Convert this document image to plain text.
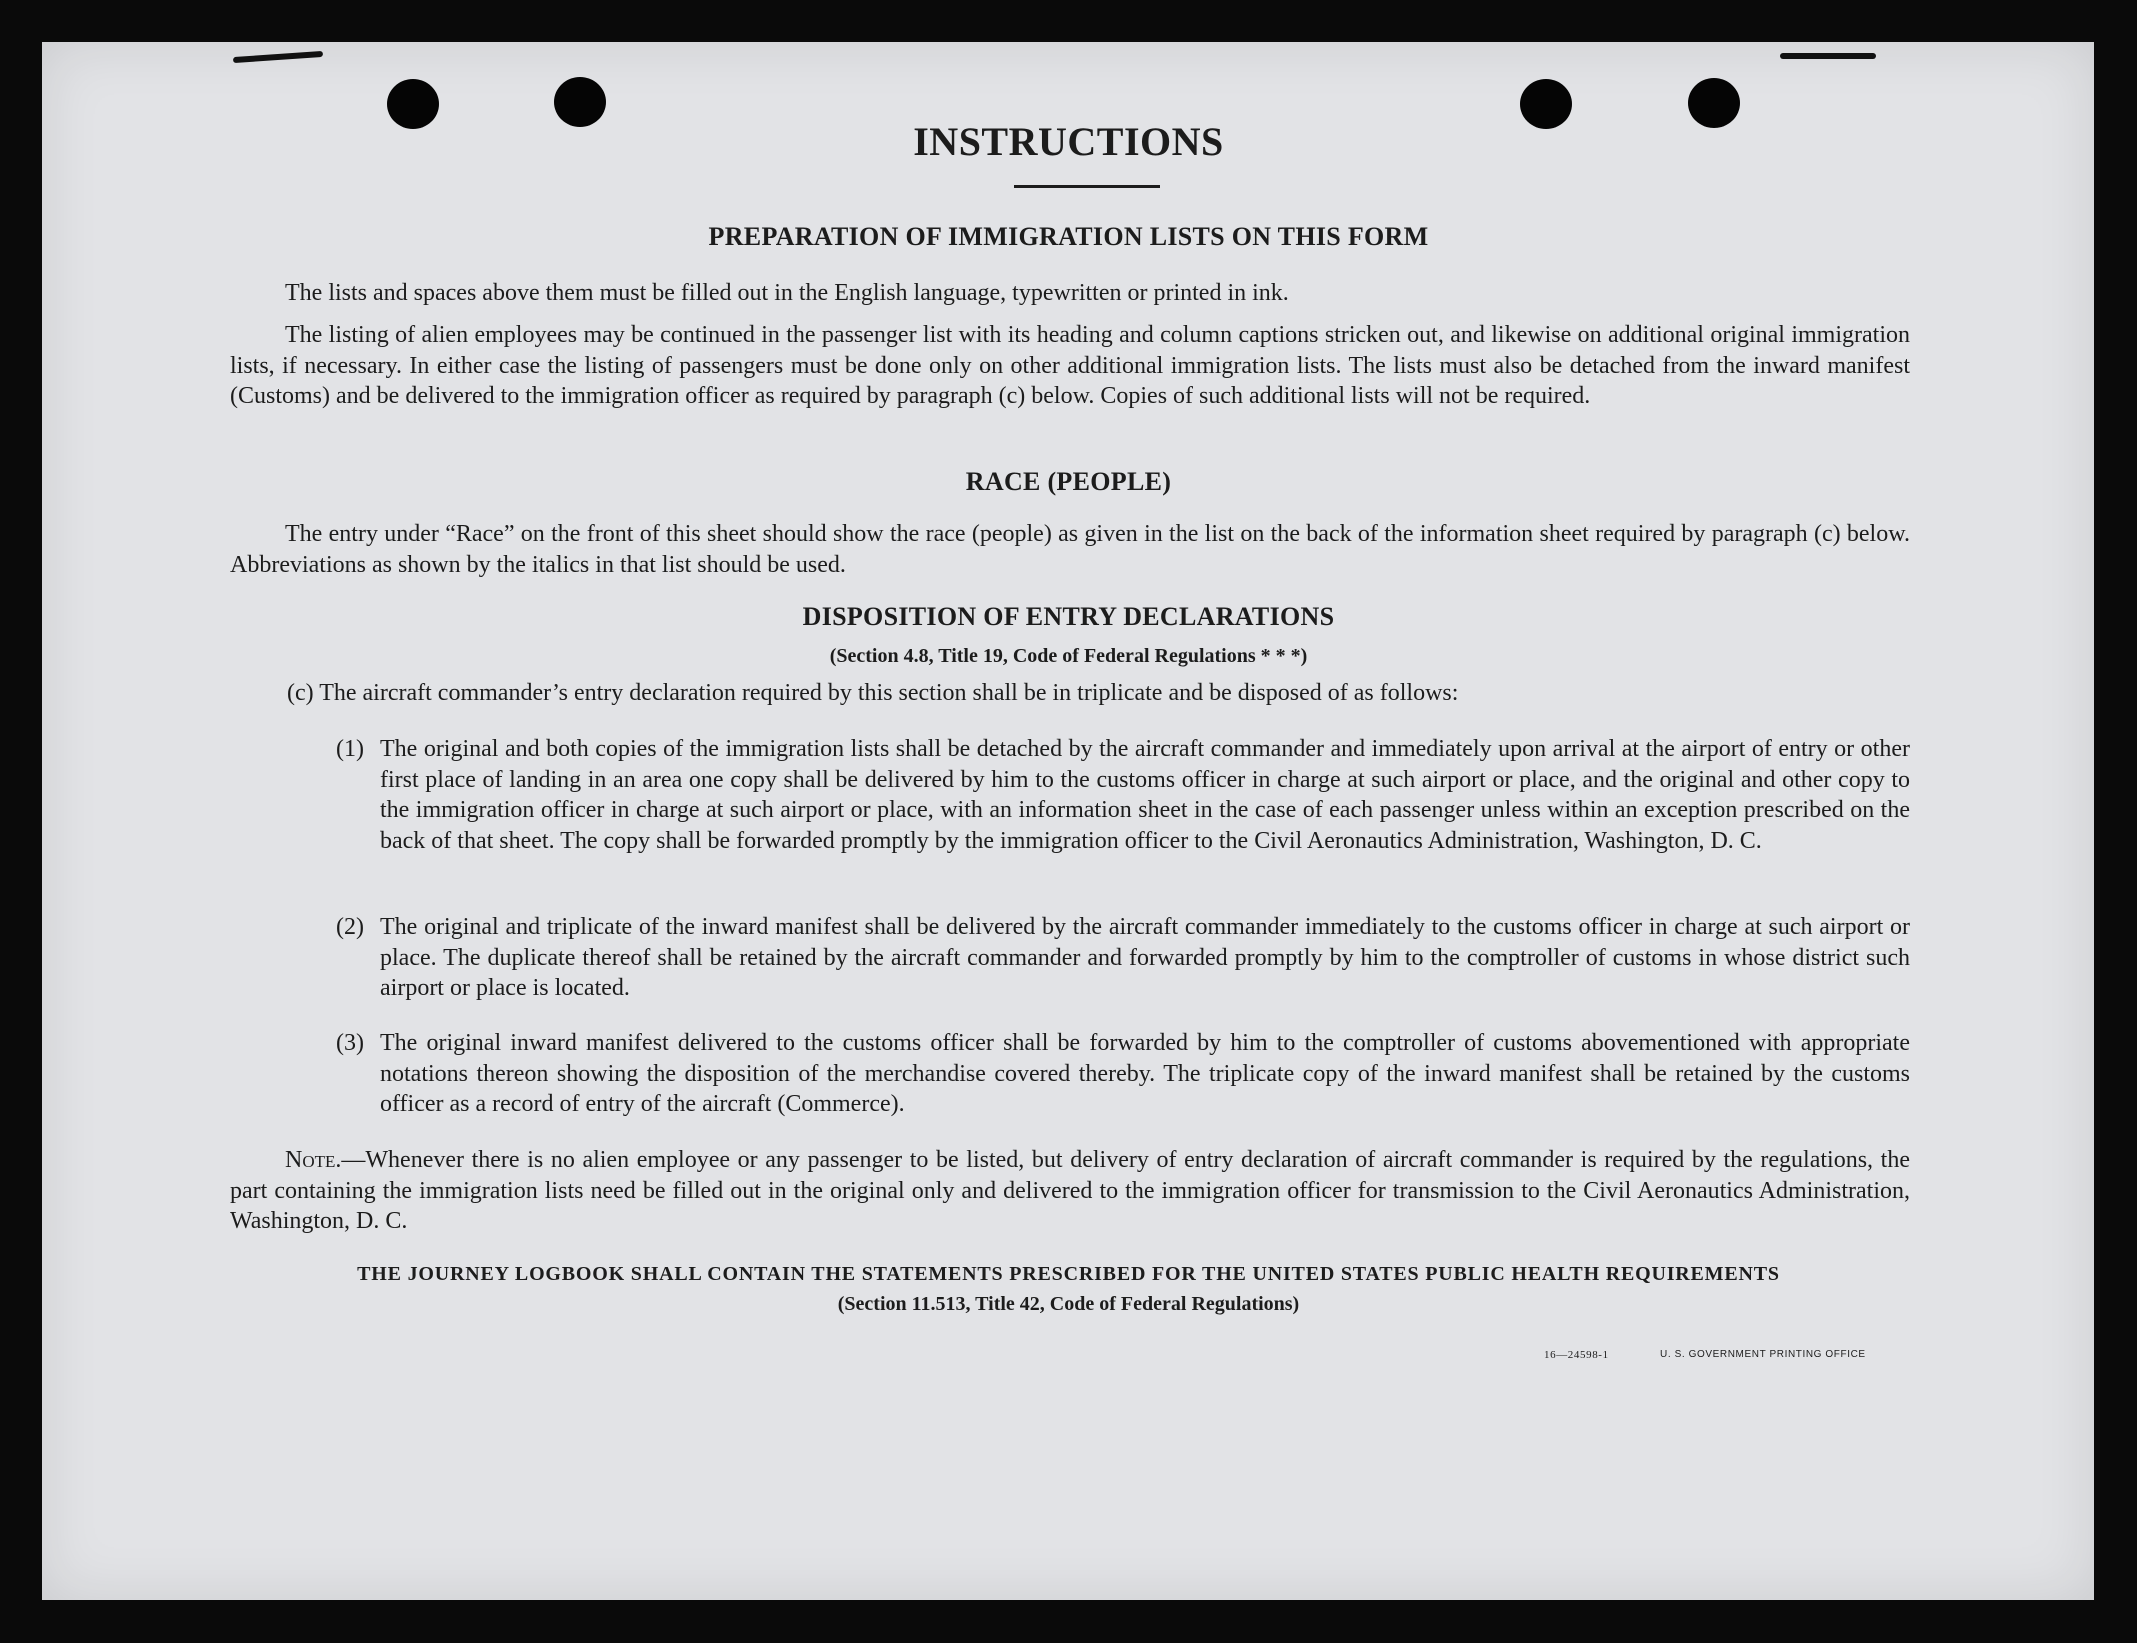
INSTRUCTIONS
PREPARATION OF IMMIGRATION LISTS ON THIS FORM
The lists and spaces above them must be filled out in the English language, typewritten or printed in ink.
The listing of alien employees may be continued in the passenger list with its heading and column captions stricken out, and likewise on additional original immigration lists, if necessary. In either case the listing of passengers must be done only on other additional immigration lists. The lists must also be detached from the inward manifest (Customs) and be delivered to the immigration officer as required by paragraph (c) below. Copies of such additional lists will not be required.
RACE (PEOPLE)
The entry under “Race” on the front of this sheet should show the race (people) as given in the list on the back of the information sheet required by paragraph (c) below. Abbreviations as shown by the italics in that list should be used.
DISPOSITION OF ENTRY DECLARATIONS
(Section 4.8, Title 19, Code of Federal Regulations * * *)
(c) The aircraft commander’s entry declaration required by this section shall be in triplicate and be disposed of as follows:
(1) The original and both copies of the immigration lists shall be detached by the aircraft commander and immediately upon arrival at the airport of entry or other first place of landing in an area one copy shall be delivered by him to the customs officer in charge at such airport or place, and the original and other copy to the immigration officer in charge at such airport or place, with an information sheet in the case of each passenger unless within an exception prescribed on the back of that sheet. The copy shall be forwarded promptly by the immigration officer to the Civil Aeronautics Administration, Washington, D. C.
(2) The original and triplicate of the inward manifest shall be delivered by the aircraft commander immediately to the customs officer in charge at such airport or place. The duplicate thereof shall be retained by the aircraft commander and forwarded promptly by him to the comptroller of customs in whose district such airport or place is located.
(3) The original inward manifest delivered to the customs officer shall be forwarded by him to the comptroller of customs abovementioned with appropriate notations thereon showing the disposition of the merchandise covered thereby. The triplicate copy of the inward manifest shall be retained by the customs officer as a record of entry of the aircraft (Commerce).
Note.—Whenever there is no alien employee or any passenger to be listed, but delivery of entry declaration of aircraft commander is required by the regulations, the part containing the immigration lists need be filled out in the original only and delivered to the immigration officer for transmission to the Civil Aeronautics Administration, Washington, D. C.
THE JOURNEY LOGBOOK SHALL CONTAIN THE STATEMENTS PRESCRIBED FOR THE UNITED STATES PUBLIC HEALTH REQUIREMENTS
(Section 11.513, Title 42, Code of Federal Regulations)
16—24598-1	U. S. GOVERNMENT PRINTING OFFICE
